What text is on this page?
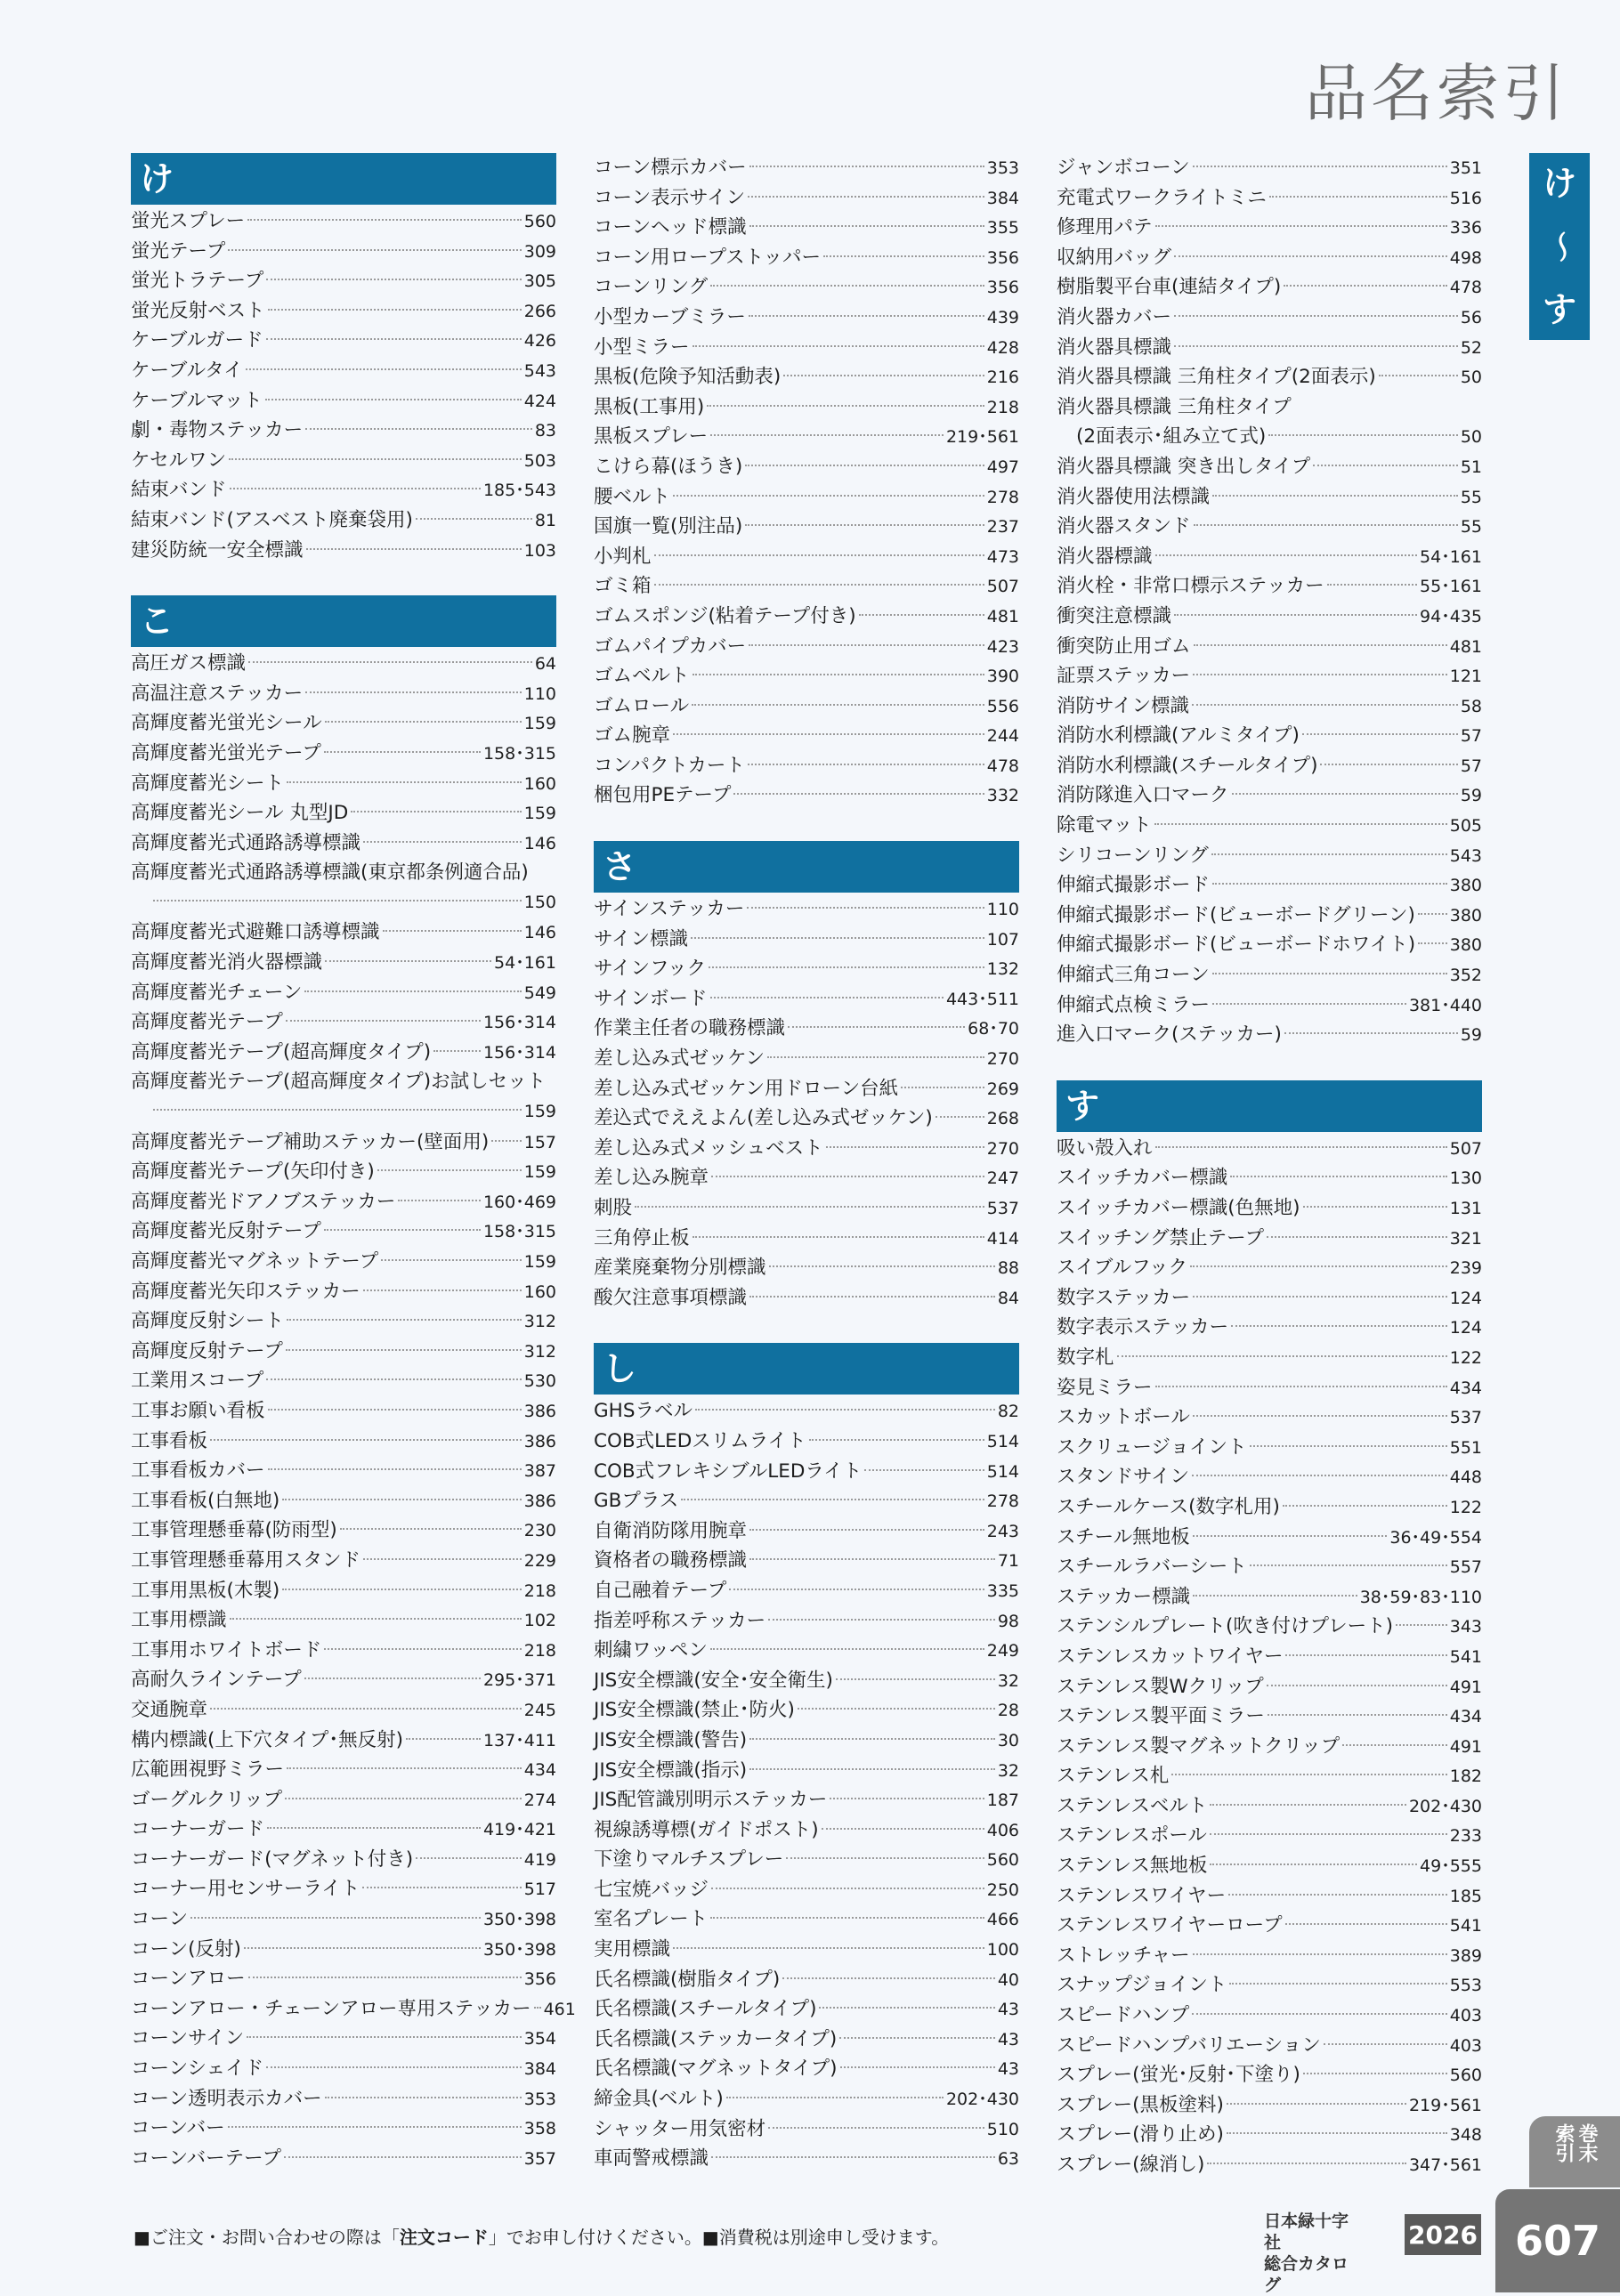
品名索引
け
蛍光スプレー	560
蛍光テープ	309
蛍光トラテープ	305
蛍光反射ベスト	266
ケーブルガード	426
ケーブルタイ	543
ケーブルマット	424
劇・毒物ステッカー	83
ケセルワン	503
結束バンド	185･543
結束バンド(アスベスト廃棄袋用)	81
建災防統一安全標識	103
こ
高圧ガス標識	64
高温注意ステッカー	110
高輝度蓄光蛍光シール	159
高輝度蓄光蛍光テープ	158･315
高輝度蓄光シート	160
高輝度蓄光シール 丸型JD	159
高輝度蓄光式通路誘導標識	146
高輝度蓄光式通路誘導標識(東京都条例適合品)
150
高輝度蓄光式避難口誘導標識	146
高輝度蓄光消火器標識	54･161
高輝度蓄光チェーン	549
高輝度蓄光テープ	156･314
高輝度蓄光テープ(超高輝度タイプ)	156･314
高輝度蓄光テープ(超高輝度タイプ)お試しセット
159
高輝度蓄光テープ補助ステッカー(壁面用) 157
高輝度蓄光テープ(矢印付き)	159
高輝度蓄光ドアノブステッカー	160･469
高輝度蓄光反射テープ	158･315
高輝度蓄光マグネットテープ	159
高輝度蓄光矢印ステッカー	160
高輝度反射シート	312
高輝度反射テープ	312
工業用スコープ	530
工事お願い看板	386
工事看板	386
工事看板カバー	387
工事看板(白無地)	386
工事管理懸垂幕(防雨型)	230
工事管理懸垂幕用スタンド	229
工事用黒板(木製)	218
工事用標識	102
工事用ホワイトボード	218
高耐久ラインテープ	295･371
交通腕章	245
構内標識(上下穴タイプ･無反射)	137･411
広範囲視野ミラー	434
ゴーグルクリップ	274
コーナーガード	419･421
コーナーガード(マグネット付き)	419
コーナー用センサーライト	517
コーン	350･398
コーン(反射)	350･398
コーンアロー	356
コーンアロー・チェーンアロー専用ステッカー 461
コーンサイン	354
コーンシェイド	384
コーン透明表示カバー	353
コーンバー	358
コーンバーテープ	357
コーン標示カバー	353
コーン表示サイン	384
コーンヘッド標識	355
コーン用ロープストッパー	356
コーンリング	356
小型カーブミラー	439
小型ミラー	428
黒板(危険予知活動表)	216
黒板(工事用)	218
黒板スプレー	219･561
こけら幕(ほうき)	497
腰ベルト	278
国旗一覧(別注品)	237
小判札	473
ゴミ箱	507
ゴムスポンジ(粘着テープ付き)	481
ゴムパイプカバー	423
ゴムベルト	390
ゴムロール	556
ゴム腕章	244
コンパクトカート	478
梱包用PEテープ	332
さ
サインステッカー	110
サイン標識	107
サインフック	132
サインボード	443･511
作業主任者の職務標識	68･70
差し込み式ゼッケン	270
差し込み式ゼッケン用ドローン台紙	269
差込式でええよん(差し込み式ゼッケン)	268
差し込み式メッシュベスト	270
差し込み腕章	247
刺股	537
三角停止板	414
産業廃棄物分別標識	88
酸欠注意事項標識	84
し
GHSラベル	82
COB式LEDスリムライト	514
COB式フレキシブルLEDライト	514
GBプラス	278
自衛消防隊用腕章	243
資格者の職務標識	71
自己融着テープ	335
指差呼称ステッカー	98
刺繍ワッペン	249
JIS安全標識(安全･安全衛生)	32
JIS安全標識(禁止･防火)	28
JIS安全標識(警告)	30
JIS安全標識(指示)	32
JIS配管識別明示ステッカー	187
視線誘導標(ガイドポスト)	406
下塗りマルチスプレー	560
七宝焼バッジ	250
室名プレート	466
実用標識	100
氏名標識(樹脂タイプ)	40
氏名標識(スチールタイプ)	43
氏名標識(ステッカータイプ)	43
氏名標識(マグネットタイプ)	43
締金具(ベルト)	202･430
シャッター用気密材	510
車両警戒標識	63
ジャンボコーン	351
充電式ワークライトミニ	516
修理用パテ	336
収納用バッグ	498
樹脂製平台車(連結タイプ)	478
消火器カバー	56
消火器具標識	52
消火器具標識 三角柱タイプ(2面表示)	50
消火器具標識 三角柱タイプ
(2面表示･組み立て式)	50
消火器具標識 突き出しタイプ	51
消火器使用法標識	55
消火器スタンド	55
消火器標識	54･161
消火栓・非常口標示ステッカー	55･161
衝突注意標識	94･435
衝突防止用ゴム	481
証票ステッカー	121
消防サイン標識	58
消防水利標識(アルミタイプ)	57
消防水利標識(スチールタイプ)	57
消防隊進入口マーク	59
除電マット	505
シリコーンリング	543
伸縮式撮影ボード	380
伸縮式撮影ボード(ビューボードグリーン) 380
伸縮式撮影ボード(ビューボードホワイト) 380
伸縮式三角コーン	352
伸縮式点検ミラー	381･440
進入口マーク(ステッカー)	59
す
吸い殻入れ	507
スイッチカバー標識	130
スイッチカバー標識(色無地)	131
スイッチング禁止テープ	321
スイブルフック	239
数字ステッカー	124
数字表示ステッカー	124
数字札	122
姿見ミラー	434
スカットボール	537
スクリュージョイント	551
スタンドサイン	448
スチールケース(数字札用)	122
スチール無地板	36･49･554
スチールラバーシート	557
ステッカー標識	38･59･83･110
ステンシルプレート(吹き付けプレート)	343
ステンレスカットワイヤー	541
ステンレス製Wクリップ	491
ステンレス製平面ミラー	434
ステンレス製マグネットクリップ	491
ステンレス札	182
ステンレスベルト	202･430
ステンレスポール	233
ステンレス無地板	49･555
ステンレスワイヤー	185
ステンレスワイヤーロープ	541
ストレッチャー	389
スナップジョイント	553
スピードハンプ	403
スピードハンプバリエーション	403
スプレー(蛍光･反射･下塗り)	560
スプレー(黒板塗料)	219･561
スプレー(滑り止め)	348
スプレー(線消し)	347･561
け
〜
す
巻末索引
607
■ご注文・お問い合わせの際は「注文コード」でお申し付けください。■消費税は別途申し受けます。
日本緑十字社
総合カタログ
2026
